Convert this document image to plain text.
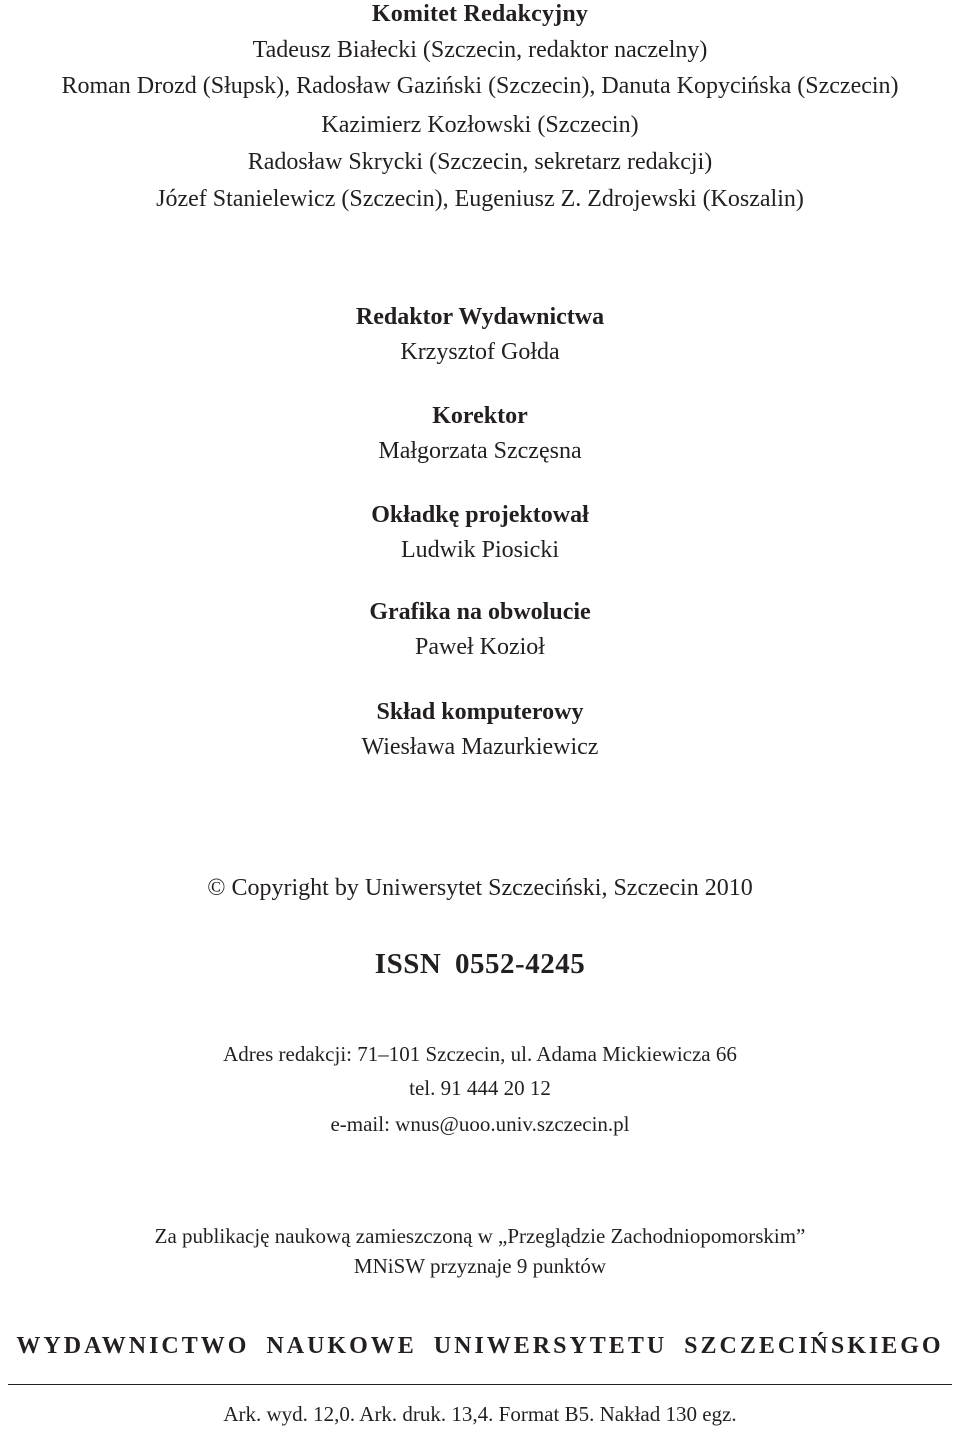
Komitet Redakcyjny

Tadeusz Białecki (Szczecin, redaktor naczelny)

Roman Drozd (Słupsk), Radosław Gaziński (Szczecin), Danuta Kopycińska (Szczecin)

Kazimierz Kozłowski (Szczecin)

Radosław Skrycki (Szczecin, sekretarz redakcji)

Józef Stanielewicz (Szczecin), Eugeniusz Z. Zdrojewski (Koszalin)

Redaktor Wydawnictwa

Krzysztof Gołda

Korektor

Małgorzata Szczęsna

Okładkę projektował

Ludwik Piosicki

Grafika na obwolucie

Paweł Kozioł

Skład komputerowy

Wiesława Mazurkiewicz

© Copyright by Uniwersytet Szczeciński, Szczecin 2010

ISSN 0552-4245

Adres redakcji: 71–101 Szczecin, ul. Adama Mickiewicza 66

tel. 91 444 20 12

e-mail: wnus@uoo.univ.szczecin.pl

Za publikację naukową zamieszczoną w „Przeglądzie Zachodniopomorskim”

MNiSW przyznaje 9 punktów

WYDAWNICTWO NAUKOWE UNIWERSYTETU SZCZECIŃSKIEGO

Ark. wyd. 12,0. Ark. druk. 13,4. Format B5. Nakład 130 egz.
